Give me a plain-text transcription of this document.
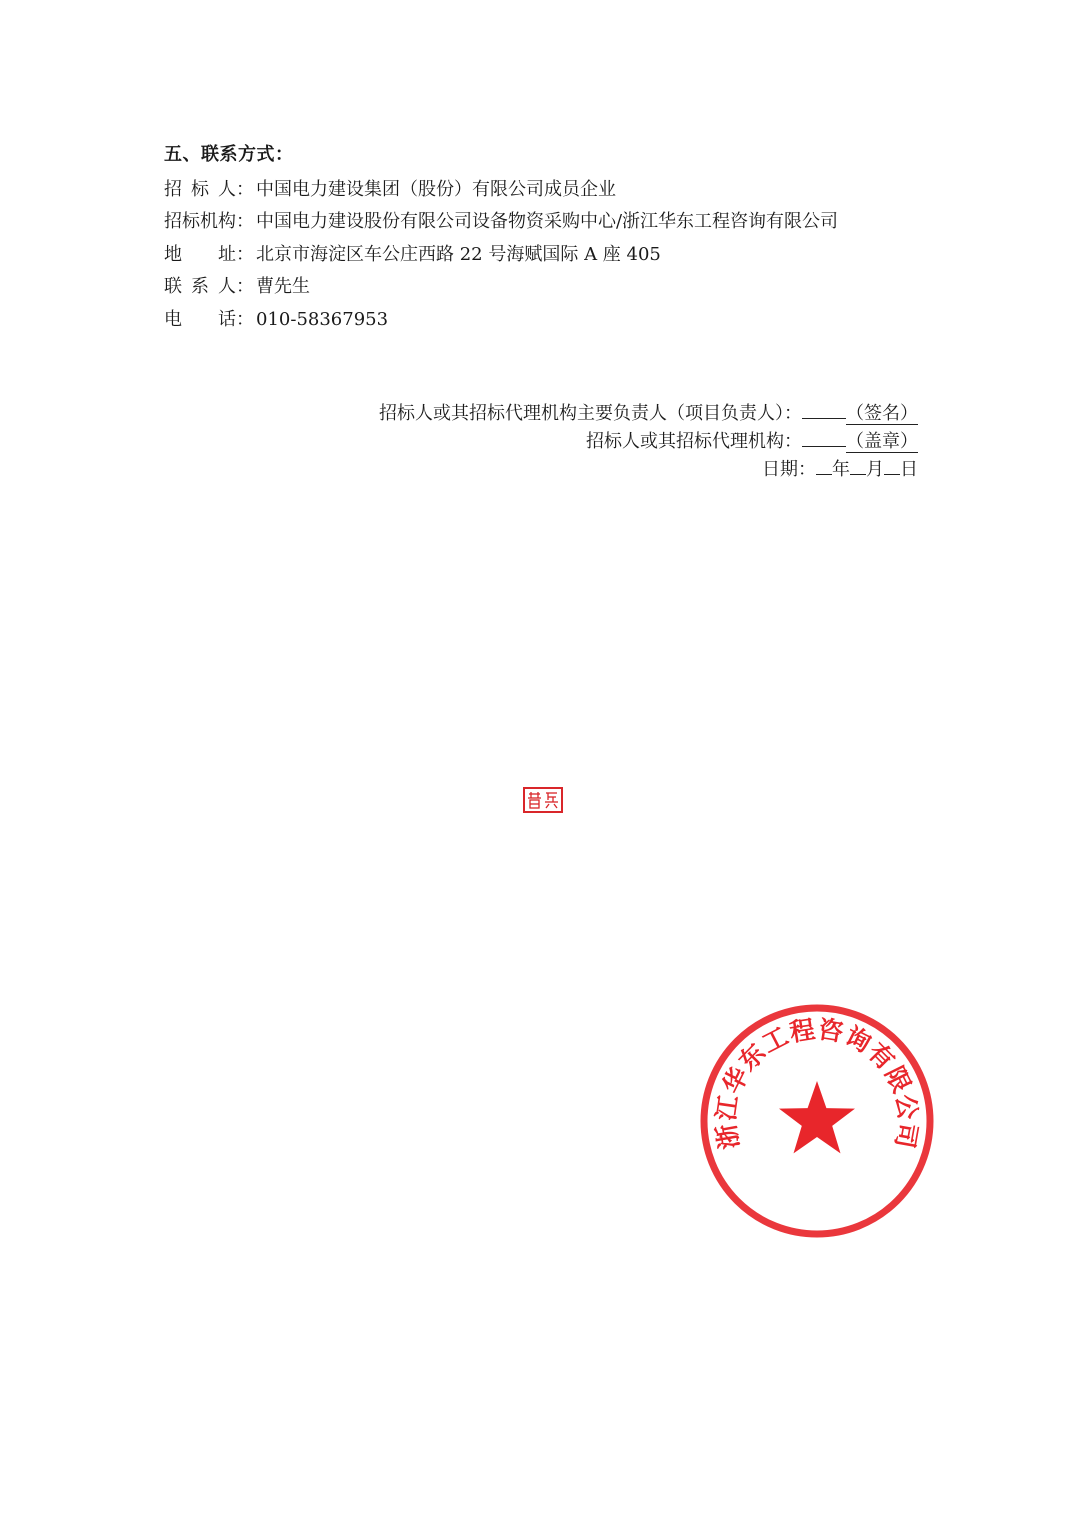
五、联系方式：
招 标 人 ： 中国电力建设集团（股份）有限公司成员企业
招标机构 ： 中国电力建设股份有限公司设备物资采购中心/浙江华东工程咨询有限公司
地 址 ： 北京市海淀区车公庄西路 22 号海赋国际 A 座 405
联 系 人 ： 曹先生
电 话 ： 010-58367953
招标人或其招标代理机构主要负责人（项目负责人）： （签名）
招标人或其招标代理机构： （盖章）
日期： 年 月 日
浙江华东工程咨询有限公司
